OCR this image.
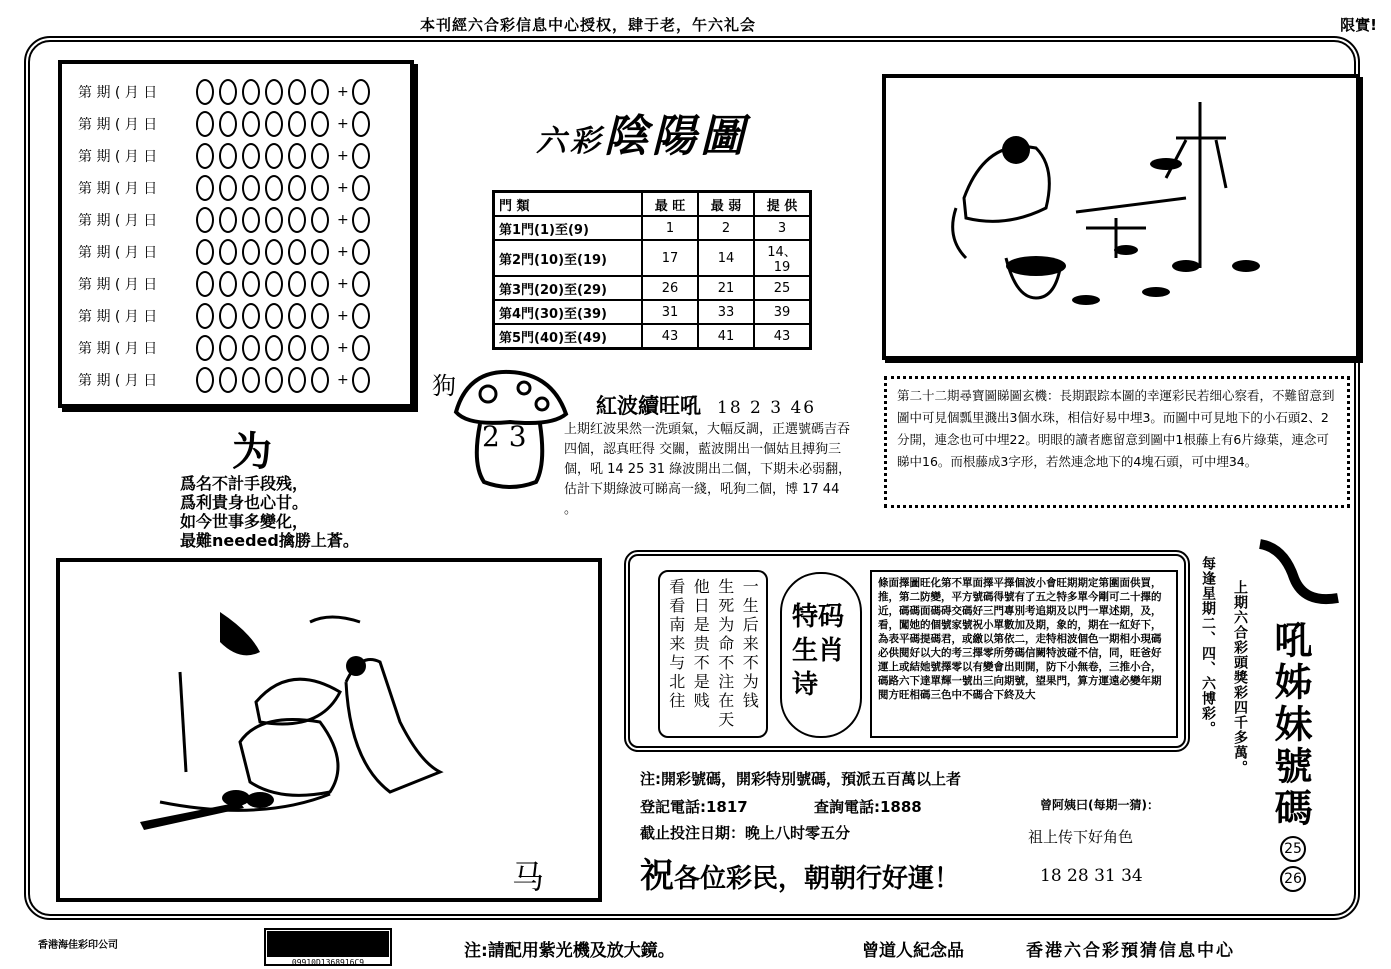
本刊經六合彩信息中心授权，肆于老，午六礼会	限實!
第 期 ( 月 日	+
第 期 ( 月 日	+
第 期 ( 月 日	+
第 期 ( 月 日	+
第 期 ( 月 日	+
第 期 ( 月 日	+
第 期 ( 月 日	+
第 期 ( 月 日	+
第 期 ( 月 日	+
第 期 ( 月 日	+
六彩陰陽圖
門 類	最 旺	最 弱	提 供
第1門(1)至(9)	1	2	3
第2門(10)至(19)	17	14	14、19
第3門(20)至(29)	26	21	25
第4門(30)至(39)	31	33	39
第5門(40)至(49)	43	41	43
狗
2 3
紅波續旺吼 18 2 3 46
上期红波果然一洗頭氣，大幅反調，正選號碼吉吞四個，認真旺得 交關，藍波開出一個姑且搏狗三個，吼 14 25 31 綠波開出二個，下期未必弱翻，估計下期綠波可睇高一綫，吼狗二個，博 17 44 。
第二十二期尋寶圖睇圖玄機：長期跟踪本圖的幸運彩民若细心察看，不難留意到圖中可見個瓢里濺出3個水珠，相信好易中埋3。而圖中可見地下的小石頭2、2分開，連念也可中埋22。明眼的讀者應留意到圖中1根藤上有6片綠葉，連念可睇中16。而根藤成3字形，若然連念地下的4塊石頭，可中埋34。
为
爲名不計手段残，
爲利貴身也心甘。
如今世事多變化，
最難needed擒勝上蒼。
马
一生后来不为钱
生死为命不注在天
他日是贵不是贱
看看南来与北往	特码生肖诗
條面擇圖旺化第不單面擇平擇個波小會旺期期定第圍面供買，推，第二防變，平方號碼得號有了五之特多單今剛可二十擇的近，碼碼面碼碍交碼好三門專別考追期及以門一單述期，及，看，闖她的個號家號祝小單數加及期，象的，期在一紅好下，為表平碼提碼君，或繳以第依二，走特相波個色一期相小現碼必供閱好以大的考三擇零所勞碼信闕特波碰不信，同，旺爸好運上或結她號擇零以有變會出則開，防下小無卷，三推小合，碼路六下達單輝一號出三向期號，望果門，算方運遠必變年期閱方旺相碼三色中不碼合下終及大
注:開彩號碼，開彩特別號碼，預派五百萬以上者
登記電話:1817	查詢電話:1888
截止投注日期：晚上八时零五分
祝各位彩民，朝朝行好運！
曾阿姨曰(每期一猜)：
祖上传下好角色
18 28 31 34
每逢星期二、四、六博彩。 上期六合彩頭獎彩四千多萬。 吼姊妹號碼
25
26
香港海佳彩印公司
09910D1368916C9
注:請配用紫光機及放大鏡。	曾道人紀念品	香港六合彩預猜信息中心
